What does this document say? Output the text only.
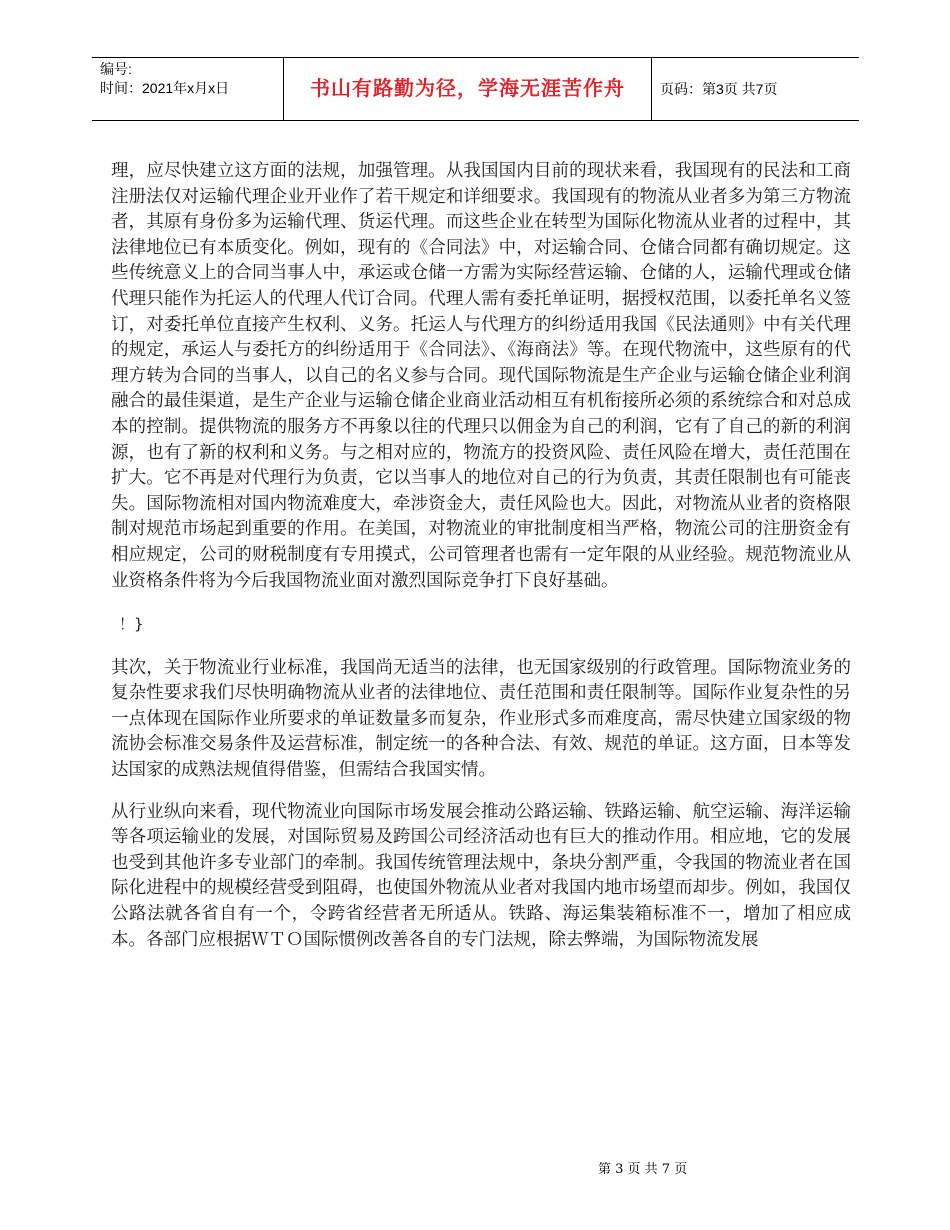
编号:
时间：2021年x月x日	书山有路勤为径，学海无涯苦作舟	页码：第3页 共7页

理，应尽快建立这方面的法规，加强管理。从我国国内目前的现状来看，我国现有的民法和工商注册法仅对运输代理企业开业作了若干规定和详细要求。我国现有的物流从业者多为第三方物流者，其原有身份多为运输代理、货运代理。而这些企业在转型为国际化物流从业者的过程中，其法律地位已有本质变化。例如，现有的《合同法》中，对运输合同、仓储合同都有确切规定。这些传统意义上的合同当事人中，承运或仓储一方需为实际经营运输、仓储的人，运输代理或仓储代理只能作为托运人的代理人代订合同。代理人需有委托单证明，据授权范围，以委托单名义签订，对委托单位直接产生权利、义务。托运人与代理方的纠纷适用我国《民法通则》中有关代理的规定，承运人与委托方的纠纷适用于《合同法》、《海商法》等。在现代物流中，这些原有的代理方转为合同的当事人，以自己的名义参与合同。现代国际物流是生产企业与运输仓储企业利润融合的最佳渠道，是生产企业与运输仓储企业商业活动相互有机衔接所必须的系统综合和对总成本的控制。提供物流的服务方不再象以往的代理只以佣金为自己的利润，它有了自己的新的利润源，也有了新的权利和义务。与之相对应的，物流方的投资风险、责任风险在增大，责任范围在扩大。它不再是对代理行为负责，它以当事人的地位对自己的行为负责，其责任限制也有可能丧失。国际物流相对国内物流难度大，牵涉资金大，责任风险也大。因此，对物流从业者的资格限制对规范市场起到重要的作用。在美国，对物流业的审批制度相当严格，物流公司的注册资金有相应规定，公司的财税制度有专用摸式，公司管理者也需有一定年限的从业经验。规范物流业从业资格条件将为今后我国物流业面对激烈国际竞争打下良好基础。

！}

其次，关于物流业行业标准，我国尚无适当的法律，也无国家级别的行政管理。国际物流业务的复杂性要求我们尽快明确物流从业者的法律地位、责任范围和责任限制等。国际作业复杂性的另一点体现在国际作业所要求的单证数量多而复杂，作业形式多而难度高，需尽快建立国家级的物流协会标准交易条件及运营标准，制定统一的各种合法、有效、规范的单证。这方面，日本等发达国家的成熟法规值得借鉴，但需结合我国实情。

从行业纵向来看，现代物流业向国际市场发展会推动公路运输、铁路运输、航空运输、海洋运输等各项运输业的发展，对国际贸易及跨国公司经济活动也有巨大的推动作用。相应地，它的发展也受到其他许多专业部门的牵制。我国传统管理法规中，条块分割严重，令我国的物流业者在国际化进程中的规模经营受到阻碍，也使国外物流从业者对我国内地市场望而却步。例如，我国仅公路法就各省自有一个，令跨省经营者无所适从。铁路、海运集装箱标准不一，增加了相应成本。各部门应根据ＷＴＯ国际惯例改善各自的专门法规，除去弊端，为国际物流发展

第 3 页 共 7 页
